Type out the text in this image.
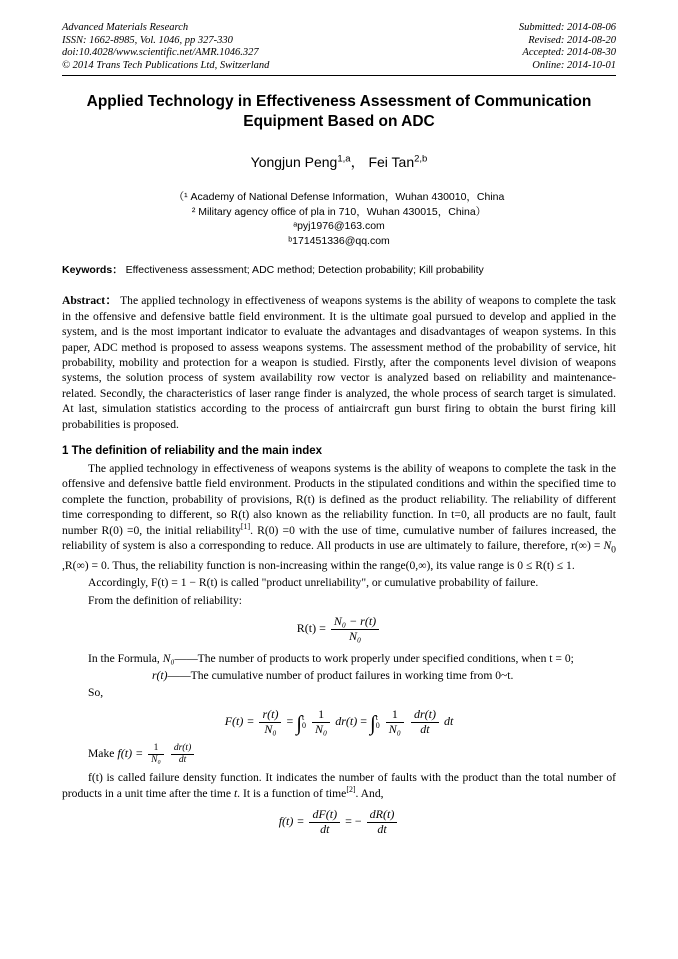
Advanced Materials Research
ISSN: 1662-8985, Vol. 1046, pp 327-330
doi:10.4028/www.scientific.net/AMR.1046.327
© 2014 Trans Tech Publications Ltd, Switzerland
Submitted: 2014-08-06
Revised: 2014-08-20
Accepted: 2014-08-30
Online: 2014-10-01
Applied Technology in Effectiveness Assessment of Communication Equipment Based on ADC
Yongjun Peng$^{1,a}$， Fei Tan$^{2,b}$
（¹ Academy of National Defense Information，Wuhan 430010，China
² Military agency office of pla in 710，Wuhan 430015，China）
ᵃpyj1976@163.com
ᵇ171451336@qq.com
Keywords： Effectiveness assessment; ADC method; Detection probability; Kill probability
Abstract： The applied technology in effectiveness of weapons systems is the ability of weapons to complete the task in the offensive and defensive battle field environment. It is the ultimate goal pursued to develop and applied in the system, and is the most important indicator to evaluate the advantages and disadvantages of weapon systems. In this paper, ADC method is proposed to assess weapons systems. The assessment method of the probability of service, hit probability, mobility and protection for a weapon is studied. Firstly, after the components level division of weapons systems, the solution process of system availability row vector is analyzed based on reliability and maintenance-related. Secondly, the characteristics of laser range finder is analyzed, the whole process of search target is simulated. At last, simulation statistics according to the process of antiaircraft gun burst firing to obtain the burst firing kill probabilities is proposed.
1 The definition of reliability and the main index

The applied technology in effectiveness of weapons systems is the ability of weapons to complete the task in the offensive and defensive battle field environment. Products in the stipulated conditions and within the specified time to complete the function, probability of provisions, R(t) is defined as the product reliability. The reliability of different time corresponding to different, so R(t) also known as the reliability function. In t=0, all products are no fault, fault number R(0) =0, the initial reliability[1]. R(0) =0 with the use of time, cumulative number of failures increased, the reliability of system is also a corresponding to reduce. All products in use are ultimately to failure, therefore, $r(\infty) = N_0$ ,R(∞) = 0. Thus, the reliability function is non-increasing within the range(0,∞), its value range is 0 ≤ R(t) ≤ 1.

Accordingly, F(t) = 1 − R(t) is called "product unreliability", or cumulative probability of failure.

From the definition of reliability:

$R(t) = \frac{\text{N₀ − r(t)}}{\text{N₀}}$

In the Formula, N₀——The number of products to work properly under specified conditions, when t = 0;

r(t)——The cumulative number of product failures in working time from 0~t.

So,

$F(t) = \frac{r(t)}{\text{N₀}} = \int t$
$0 \frac{1}{\text{N₀}} dr(t) = \int t$
$0 \frac{1}{\text{N₀}}$
$\frac{dr(t)}{dt}$ dt
Make $f(t) = \frac{1}{\text{N₀}}$
$\frac{dr(t)}{dt}$

f(t) is called failure density function. It indicates the number of faults with the product than the total number of products in a unit time after the time t. It is a function of time[2]. And,

$f(t) = \frac{dF(t)}{dt}$ = − $\frac{dR(t)}{dt}$
